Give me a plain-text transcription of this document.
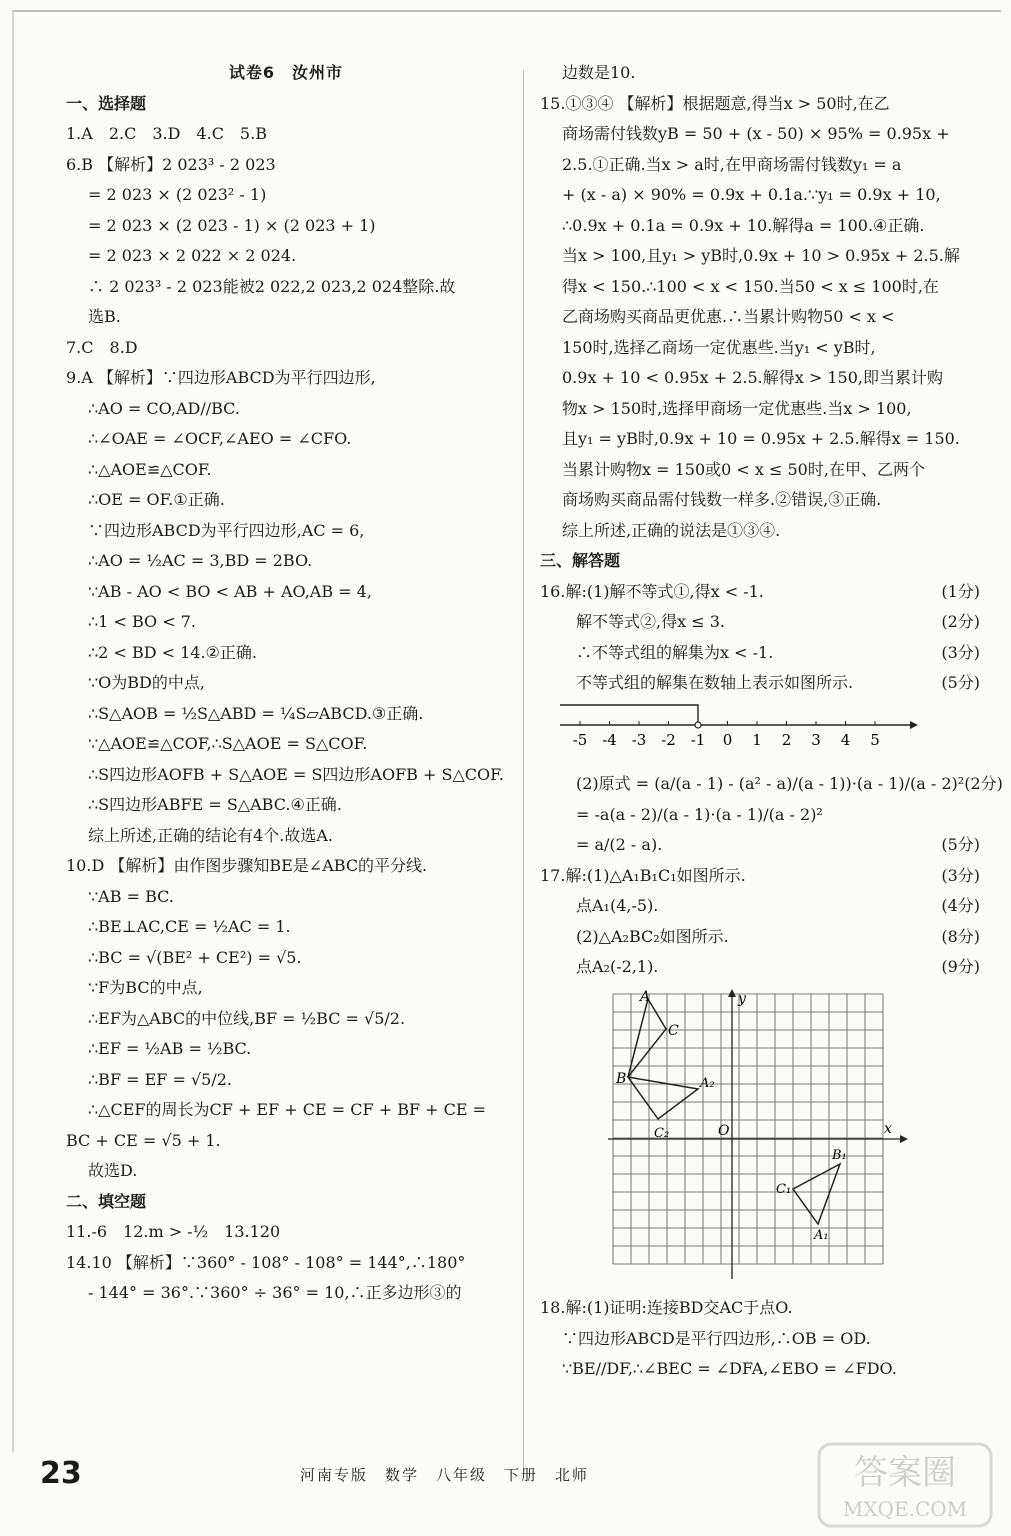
试卷6　汝州市
一、选择题
1.A　2.C　3.D　4.C　5.B
6.B 【解析】2 023³ - 2 023
= 2 023 × (2 023² - 1)
= 2 023 × (2 023 - 1) × (2 023 + 1)
= 2 023 × 2 022 × 2 024.
∴ 2 023³ - 2 023能被2 022,2 023,2 024整除.故
选B.
7.C　8.D
9.A 【解析】∵四边形ABCD为平行四边形,
∴AO = CO,AD//BC.
∴∠OAE = ∠OCF,∠AEO = ∠CFO.
∴△AOE≌△COF.
∴OE = OF.①正确.
∵四边形ABCD为平行四边形,AC = 6,
∴AO = ½AC = 3,BD = 2BO.
∵AB - AO < BO < AB + AO,AB = 4,
∴1 < BO < 7.
∴2 < BD < 14.②正确.
∵O为BD的中点,
∴S△AOB = ½S△ABD = ¼S▱ABCD.③正确.
∵△AOE≌△COF,∴S△AOE = S△COF.
∴S四边形AOFB + S△AOE = S四边形AOFB + S△COF.
∴S四边形ABFE = S△ABC.④正确.
综上所述,正确的结论有4个.故选A.
10.D 【解析】由作图步骤知BE是∠ABC的平分线.
∵AB = BC.
∴BE⊥AC,CE = ½AC = 1.
∴BC = √(BE² + CE²) = √5.
∵F为BC的中点,
∴EF为△ABC的中位线,BF = ½BC = √5/2.
∴EF = ½AB = ½BC.
∴BF = EF = √5/2.
∴△CEF的周长为CF + EF + CE = CF + BF + CE =
BC + CE = √5 + 1.
故选D.
二、填空题
11.-6　12.m > -½　13.120
14.10 【解析】∵360° - 108° - 108° = 144°,∴180°
- 144° = 36°.∵360° ÷ 36° = 10,∴正多边形③的
边数是10.
15.①③④ 【解析】根据题意,得当x > 50时,在乙
商场需付钱数yB = 50 + (x - 50) × 95% = 0.95x +
2.5.①正确.当x > a时,在甲商场需付钱数y₁ = a
+ (x - a) × 90% = 0.9x + 0.1a.∵y₁ = 0.9x + 10,
∴0.9x + 0.1a = 0.9x + 10.解得a = 100.④正确.
当x > 100,且y₁ > yB时,0.9x + 10 > 0.95x + 2.5.解
得x < 150.∴100 < x < 150.当50 < x ≤ 100时,在
乙商场购买商品更优惠.∴当累计购物50 < x <
150时,选择乙商场一定优惠些.当y₁ < yB时,
0.9x + 10 < 0.95x + 2.5.解得x > 150,即当累计购
物x > 150时,选择甲商场一定优惠些.当x > 100,
且y₁ = yB时,0.9x + 10 = 0.95x + 2.5.解得x = 150.
当累计购物x = 150或0 < x ≤ 50时,在甲、乙两个
商场购买商品需付钱数一样多.②错误,③正确.
综上所述,正确的说法是①③④.
三、解答题
16.解:(1)解不等式①,得x < -1.	(1分)
解不等式②,得x ≤ 3.	(2分)
∴不等式组的解集为x < -1.	(3分)
不等式组的解集在数轴上表示如图所示.	(5分)
-5 -4 -3 -2 -1 0 1 2 3 4 5
(2)原式 = (a/(a - 1) - (a² - a)/(a - 1))·(a - 1)/(a - 2)² (2分)
= -a(a - 2)/(a - 1)·(a - 1)/(a - 2)²
= a/(2 - a).	(5分)
17.解:(1)△A₁B₁C₁如图所示.	(3分)
点A₁(4,-5).	(4分)
(2)△A₂BC₂如图所示.	(8分)
点A₂(-2,1).	(9分)
A
C
B	A₂
C₂	O	x
y
B₁
C₁
A₁
18.解:(1)证明:连接BD交AC于点O.
∵四边形ABCD是平行四边形,∴OB = OD.
∵BE//DF,∴∠BEC = ∠DFA,∠EBO = ∠FDO.
23	河南专版　数学　八年级　下册　北师	答案圈
MXQE.COM
